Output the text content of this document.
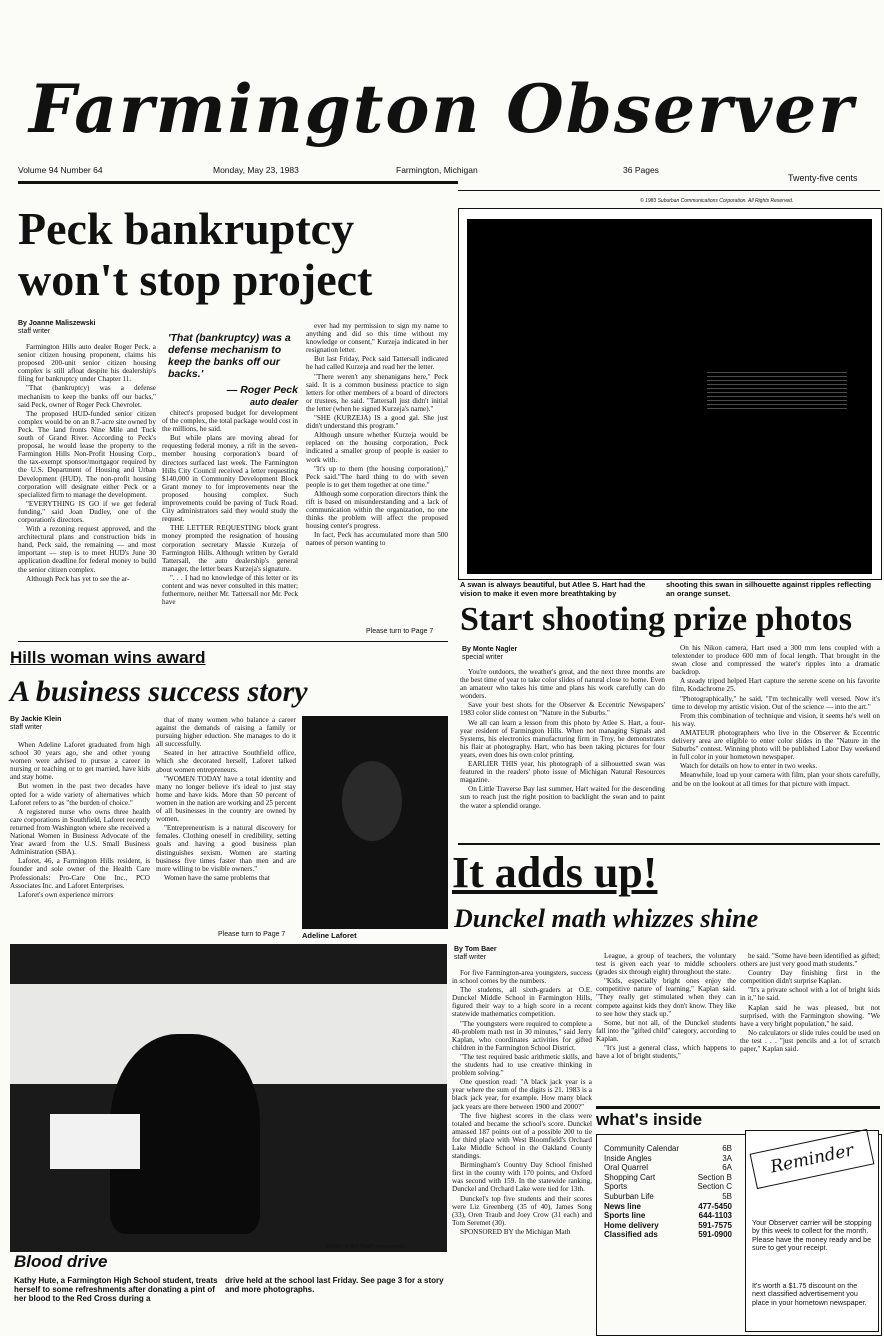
Farmington Observer
Volume 94 Number 64	Monday, May 23, 1983	Farmington, Michigan	36 Pages
Twenty-five cents
© 1983 Suburban Communications Corporation. All Rights Reserved.
Peck bankruptcy
won't stop project
By Joanne Maliszewski
staff writer

Farmington Hills auto dealer Roger Peck, a senior citizen housing proponent, claims his proposed 200-unit senior citizen housing complex is still afloat despite his dealership's filing for bankruptcy under Chapter 11.

"That (bankruptcy) was a defense mechanism to keep the banks off our backs," said Peck, owner of Roger Peck Chevrolet.

The proposed HUD-funded senior citizen complex would be on an 8.7-acre site owned by Peck. The land fronts Nine Mile and Tuck south of Grand River. According to Peck's proposal, he would lease the property to the Farmington Hills Non-Profit Housing Corp., the tax-exempt sponsor/mortgagor required by the U.S. Department of Housing and Urban Development (HUD). The non-profit housing corporation will designate either Peck or a specialized firm to manage the development.

"EVERYTHING IS GO if we get federal funding," said Joan Dudley, one of the corporation's directors.

With a rezoning request approved, and the architectural plans and construction bids in hand, Peck said, the remaining — and most important — step is to meet HUD's June 30 application deadline for federal money to build the senior citizen complex.

Although Peck has yet to see the ar-

'That (bankruptcy) was a defense mechanism to keep the banks off our backs.'
— Roger Peck
auto dealer

chitect's proposed budget for development of the complex, the total package would cost in the millions, he said.

But while plans are moving ahead for requesting federal money, a rift in the seven-member housing corporation's board of directors surfaced last week. The Farmington Hills City Council received a letter requesting $140,000 in Community Development Block Grant money to for improvements near the proposed housing complex. Such improvements could be paving of Tuck Road. City administrators said they would study the request.

THE LETTER REQUESTING block grant money prompted the resignation of housing corporation secretary Massie Kurzeja of Farmington Hills. Although written by Gerald Tattersall, the auto dealership's general manager, the letter bears Kurzeja's signature.

". . . I had no knowledge of this letter or its content and was never consulted in this matter; futhermore, neither Mr. Tattersall nor Mr. Peck have

ever had my permission to sign my name to anything and did so this time without my knowledge or consent," Kurzeja indicated in her resignation letter.

But last Friday, Peck said Tattersall indicated he had called Kurzeja and read her the letter.

"There weren't any shenanigans here," Peck said. It is a common business practice to sign letters for other members of a board of directors or trustees, he said. "Tattersall just didn't initial the letter (when he signed Kurzeja's name)."

"SHE (KURZEJA) IS a good gal. She just didn't understand this program."

Although unsure whether Kurzeja would be replaced on the housing corporation, Peck indicated a smaller group of people is easier to work with.

"It's up to them (the housing corporation)," Peck said."The hard thing to do with seven people is to get them together at one time."

Although some corporation directors think the rift is based on misunderstanding and a lack of communication within the organization, no one thinks the problem will affect the proposed housing center's progress.

In fact, Peck has accumulated more than 500 names of person wanting to

Please turn to Page 7
A swan is always beautiful, but Atlee S. Hart had the vision to make it even more breathtaking by
shooting this swan in silhouette against ripples reflecting an orange sunset.
Start shooting prize photos
By Monte Nagler
special writer

You're outdoors, the weather's great, and the next three months are the best time of year to take color slides of natural close to home. Even an amateur who takes his time and plans his work carefully can do wonders.

Save your best shots for the Observer & Eccentric Newspapers' 1983 color slide contest on "Nature in the Suburbs."

We all can learn a lesson from this photo by Atlee S. Hart, a four-year resident of Farmington Hills. When not managing Signals and Systems, his electronics manufacturing firm in Troy, he demonstrates his flair at photography. Hart, who has been taking pictures for four years, even does his own color printing.

EARLIER THIS year, his photograph of a silhouetted swan was featured in the readers' photo issue of Michigan Natural Resources magazine.

On Little Traverse Bay last summer, Hart waited for the descending sun to reach just the right position to backlight the swan and to paint the water a splendid orange.

On his Nikon camera, Hart used a 300 mm lens coupled with a telextender to produce 600 mm of focal length. That brought in the swan close and compressed the water's ripples into a dramatic backdrop.

A steady tripod helped Hart capture the serene scene on his favorite film, Kodachrome 25.

"Photographically," he said, "I'm technically well versed. Now it's time to develop my artistic vision. Out of the science — into the art."

From this combination of technique and vision, it seems he's well on his way.

AMATEUR photographers who live in the Observer & Eccentric delivery area are eligible to enter color slides in the "Nature in the Suburbs" contest. Winning photo will be published Labor Day weekend in full color in your hometown newspaper.

Watch for details on how to enter in two weeks.

Meanwhile, load up your camera with film, plan your shots carefully, and be on the lookout at all times for that picture with impact.

Hills woman wins award
A business success story
By Jackie Klein
staff writer

When Adeline Laforet graduated from high school 30 years ago, she and other young women were advised to pursue a career in nursing or teaching or to get married, have kids and stay home.

But women in the past two decades have opted for a wide variety of alternatives which Laforet refers to as "the burden of choice."

A registered nurse who owns three health care corporations in Southfield, Laforet recently returned from Washington where she received a National Women in Business Advocate of the Year award from the U.S. Small Business Administration (SBA).

Laforet, 46, a Farmington Hills resident, is founder and sole owner of the Health Care Professionals: Pro-Care One Inc., PCO Associates Inc. and Laforet Enterprises.

Laforet's own experience mirrors

that of many women who balance a career against the demands of raising a family or pursuing higher eduction. She manages to do it all successfully.

Seated in her attractive Southfield office, which she decorated herself, Laforet talked about women entrepreneurs.

"WOMEN TODAY have a total identity and many no longer believe it's ideal to just stay home and have kids. More than 50 percent of women in the nation are working and 25 percent of all businesses in the country are owned by women.

"Entrepreneurism is a natural discovery for females. Clothing oneself in credibility, setting goals and having a good business plan distinguishes sexism. Women are starting business five times faster than men and are more willing to be visible owners."

Women have the same problems that

Please turn to Page 7 Adeline Laforet
RANDY BORST/staff photographer
Blood drive
Kathy Hute, a Farmington High School student, treats herself to some refreshments after donating a pint of her blood to the Red Cross during a
drive held at the school last Friday. See page 3 for a story and more photographs.
It adds up!
Dunckel math whizzes shine
By Tom Baer
staff writer

For five Farmington-area youngsters, success in school comes by the numbers.

The students, all sixth-graders at O.E. Dunckel Middle School in Farmington Hills, figured their way to a high score in a recent statewide mathematics competition.

"The youngsters were required to complete a 40-problem math test in 30 minutes," said Jerry Kaplan, who coordinates activities for gifted children in the Farmington School District.

"The test required basic arithmetic skills, and the students had to use creative thinking in problem solving."

One question read: "A black jack year is a year where the sum of the digits is 21. 1983 is a black jack year, for example. How many black jack years are there between 1900 and 2000?"

The five highest scores in the class were totaled and became the school's score. Dunckel amassed 187 points out of a possible 200 to tie for third place with West Bloomfield's Orchard Lake Middle School in the Oakland County standings.

Birmingham's Country Day School finished first in the county with 170 points, and Oxford was second with 159. In the statewide ranking, Dunckel and Orchard Lake were tied for 13th.

Dunckel's top five students and their scores were Liz Greenberg (35 of 40), James Song (33), Oren Traub and Joey Crow (31 each) and Tom Seremet (30).

SPONSORED BY the Michigan Math

League, a group of teachers, the voluntary test is given each year to middle schoolers (grades six through eight) throughout the state.

"Kids, especially bright ones enjoy the competitive nature of learning," Kaplan said. "They really get stimulated when they can compete against kids they don't know. They like to see how they stack up."

Some, but not all, of the Dunckel students fall into the "gifted child" category, according to Kaplan.

"It's just a general class, which happens to have a lot of bright students,"

he said. "Some have been identified as gifted; others are just very good math students."

Country Day finishing first in the competition didn't surprise Kaplan.

"It's a private school with a lot of bright kids in it," he said.

Kaplan said he was pleased, but not surprised, with the Farmington showing. "We have a very bright population," he said.

No calculators or slide rules could be used on the test . . . "just pencils and a lot of scratch paper," Kaplan said.

what's inside
Community Calendar	6B
Inside Angles	3A
Oral Quarrel	6A
Shopping Cart	Section B
Sports	Section C
Suburban Life	5B
News line	477-5450
Sports line	644-1103
Home delivery	591-7575
Classified ads	591-0900
Reminder
Your Observer carrier will be stopping by this week to collect for the month. Please have the money ready and be sure to get your receipt.
It's worth a $1.75 discount on the next classified advertisement you place in your hometown newspaper.
